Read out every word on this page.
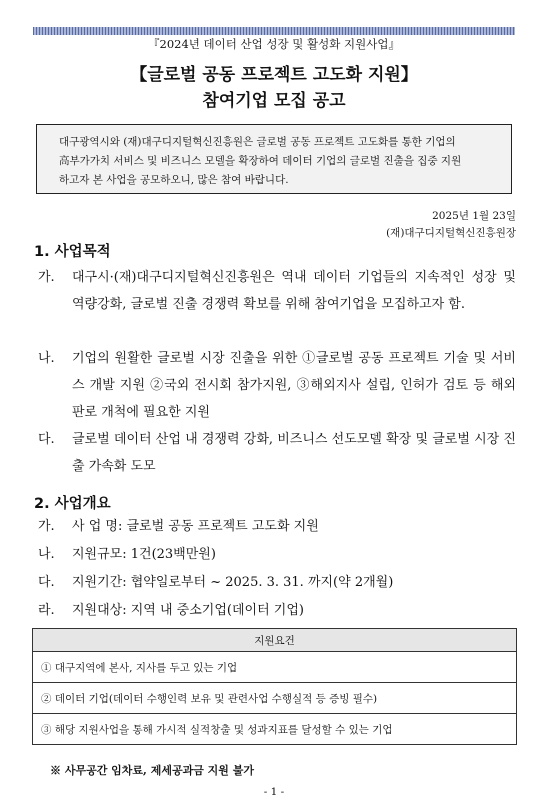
『2024년 데이터 산업 성장 및 활성화 지원사업』
【글로벌 공동 프로젝트 고도화 지원】
참여기업 모집 공고

대구광역시와 (재)대구디지털혁신진흥원은 글로벌 공동 프로젝트 고도화를 통한 기업의

高부가가치 서비스 및 비즈니스 모델을 확장하여 데이터 기업의 글로벌 진출을 집중 지원

하고자 본 사업을 공모하오니, 많은 참여 바랍니다.

2025년 1월 23일
(재)대구디지털혁신진흥원장
1. 사업목적
가. 대구시·(재)대구디지털혁신진흥원은 역내 데이터 기업들의 지속적인 성장 및 역량강화, 글로벌 진출 경쟁력 확보를 위해 참여기업을 모집하고자 함.
나. 기업의 원활한 글로벌 시장 진출을 위한 ①글로벌 공동 프로젝트 기술 및 서비스 개발 지원 ②국외 전시회 참가지원, ③해외지사 설립, 인허가 검토 등 해외 판로 개척에 필요한 지원
다. 글로벌 데이터 산업 내 경쟁력 강화, 비즈니스 선도모델 확장 및 글로벌 시장 진출 가속화 도모
2. 사업개요
가. 사 업 명: 글로벌 공동 프로젝트 고도화 지원
나. 지원규모: 1건(23백만원)
다. 지원기간: 협약일로부터 ~ 2025. 3. 31. 까지(약 2개월)
라. 지원대상: 지역 내 중소기업(데이터 기업)
지원요건
① 대구지역에 본사, 지사를 두고 있는 기업
② 데이터 기업(데이터 수행인력 보유 및 관련사업 수행실적 등 증빙 필수)
③ 해당 지원사업을 통해 가시적 실적창출 및 성과지표를 달성할 수 있는 기업
※ 사무공간 임차료, 제세공과금 지원 불가
- 1 -
